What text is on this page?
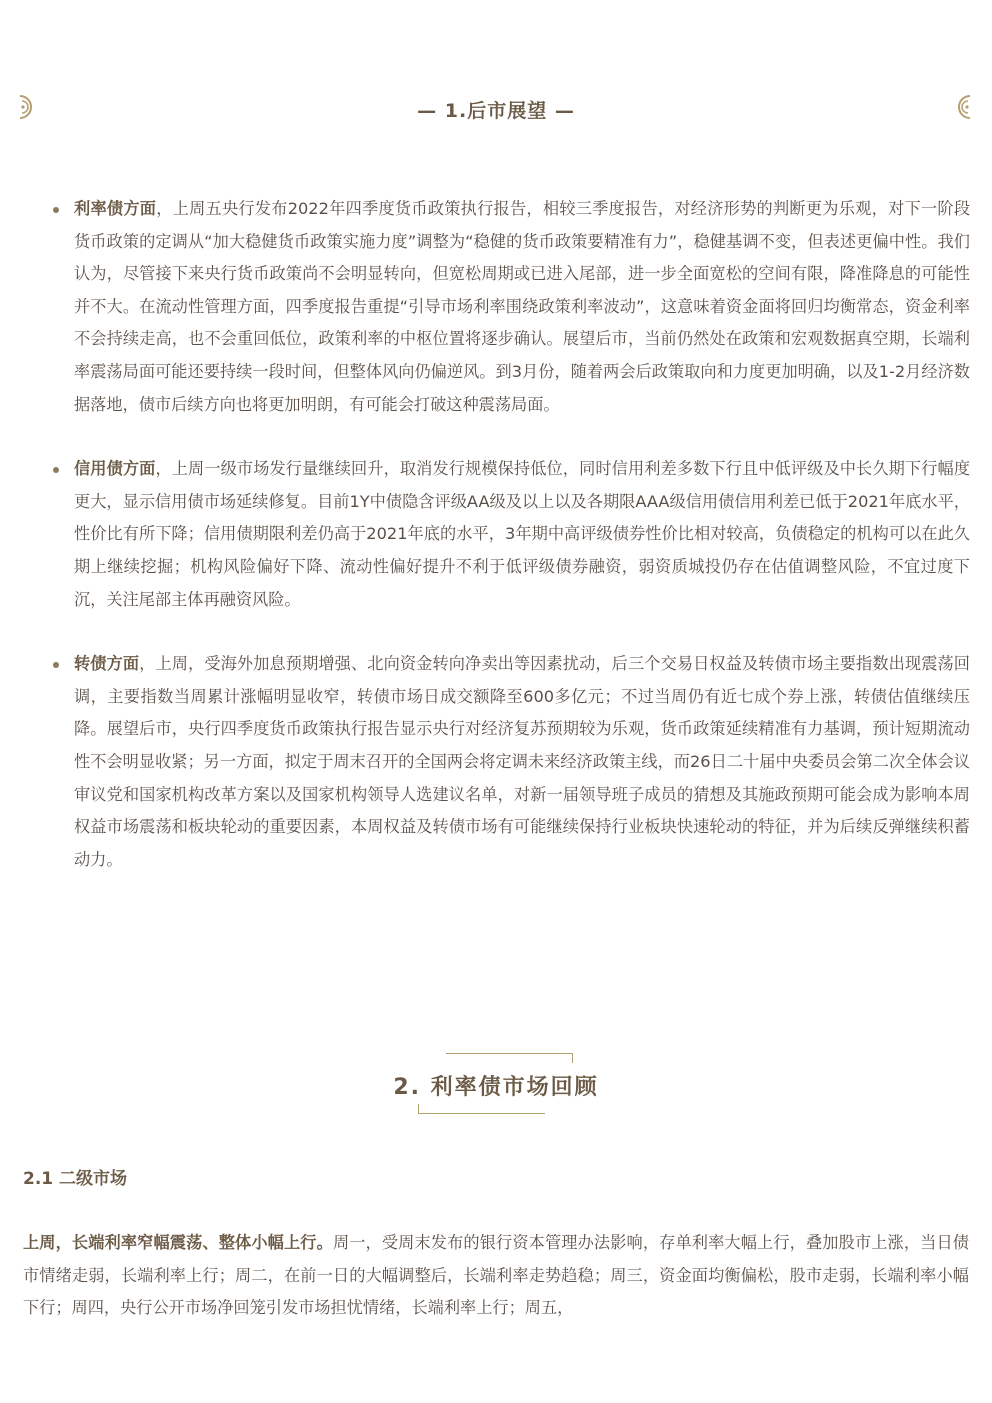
— 1.后市展望 —
利率债方面，上周五央行发布2022年四季度货币政策执行报告，相较三季度报告，对经济形势的判断更为乐观，对下一阶段货币政策的定调从“加大稳健货币政策实施力度”调整为“稳健的货币政策要精准有力”，稳健基调不变，但表述更偏中性。我们认为，尽管接下来央行货币政策尚不会明显转向，但宽松周期或已进入尾部，进一步全面宽松的空间有限，降准降息的可能性并不大。在流动性管理方面，四季度报告重提“引导市场利率围绕政策利率波动”，这意味着资金面将回归均衡常态，资金利率不会持续走高，也不会重回低位，政策利率的中枢位置将逐步确认。展望后市，当前仍然处在政策和宏观数据真空期，长端利率震荡局面可能还要持续一段时间，但整体风向仍偏逆风。到3月份，随着两会后政策取向和力度更加明确，以及1-2月经济数据落地，债市后续方向也将更加明朗，有可能会打破这种震荡局面。
信用债方面，上周一级市场发行量继续回升，取消发行规模保持低位，同时信用利差多数下行且中低评级及中长久期下行幅度更大，显示信用债市场延续修复。目前1Y中债隐含评级AA级及以上以及各期限AAA级信用债信用利差已低于2021年底水平，性价比有所下降；信用债期限利差仍高于2021年底的水平，3年期中高评级债券性价比相对较高，负债稳定的机构可以在此久期上继续挖掘；机构风险偏好下降、流动性偏好提升不利于低评级债券融资，弱资质城投仍存在估值调整风险，不宜过度下沉，关注尾部主体再融资风险。
转债方面，上周，受海外加息预期增强、北向资金转向净卖出等因素扰动，后三个交易日权益及转债市场主要指数出现震荡回调，主要指数当周累计涨幅明显收窄，转债市场日成交额降至600多亿元；不过当周仍有近七成个券上涨，转债估值继续压降。展望后市，央行四季度货币政策执行报告显示央行对经济复苏预期较为乐观，货币政策延续精准有力基调，预计短期流动性不会明显收紧；另一方面，拟定于周末召开的全国两会将定调未来经济政策主线，而26日二十届中央委员会第二次全体会议审议党和国家机构改革方案以及国家机构领导人选建议名单，对新一届领导班子成员的猜想及其施政预期可能会成为影响本周权益市场震荡和板块轮动的重要因素，本周权益及转债市场有可能继续保持行业板块快速轮动的特征，并为后续反弹继续积蓄动力。
2. 利率债市场回顾
2.1 二级市场

上周，长端利率窄幅震荡、整体小幅上行。周一，受周末发布的银行资本管理办法影响，存单利率大幅上行，叠加股市上涨，当日债市情绪走弱，长端利率上行；周二，在前一日的大幅调整后，长端利率走势趋稳；周三，资金面均衡偏松，股市走弱，长端利率小幅下行；周四，央行公开市场净回笼引发市场担忧情绪，长端利率上行；周五，
